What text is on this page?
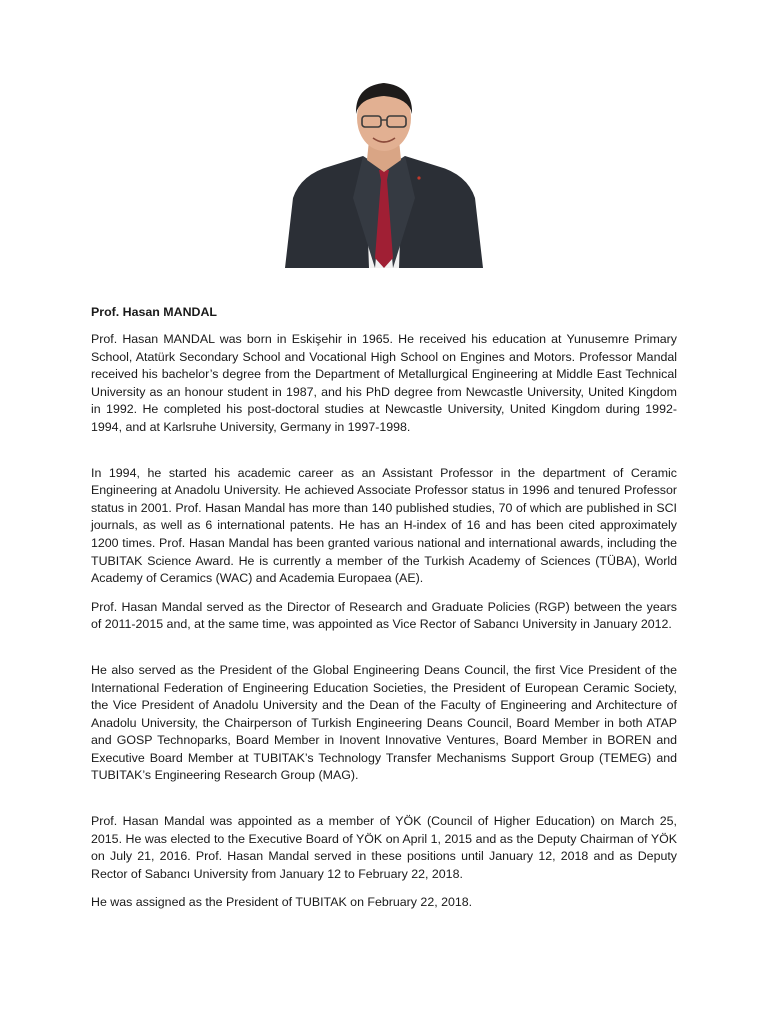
Prof. Hasan MANDAL

Prof. Hasan MANDAL was born in Eskişehir in 1965. He received his education at Yunusemre Primary School, Atatürk Secondary School and Vocational High School on Engines and Motors. Professor Mandal received his bachelor’s degree from the Department of Metallurgical Engineering at Middle East Technical University as an honour student in 1987, and his PhD degree from Newcastle University, United Kingdom in 1992. He completed his post-doctoral studies at Newcastle University, United Kingdom during 1992-1994, and at Karlsruhe University, Germany in 1997-1998.

In 1994, he started his academic career as an Assistant Professor in the department of Ceramic Engineering at Anadolu University. He achieved Associate Professor status in 1996 and tenured Professor status in 2001. Prof. Hasan Mandal has more than 140 published studies, 70 of which are published in SCI journals, as well as 6 international patents. He has an H-index of 16 and has been cited approximately 1200 times. Prof. Hasan Mandal has been granted various national and international awards, including the TUBITAK Science Award. He is currently a member of the Turkish Academy of Sciences (TÜBA), World Academy of Ceramics (WAC) and Academia Europaea (AE).

Prof. Hasan Mandal served as the Director of Research and Graduate Policies (RGP) between the years of 2011-2015 and, at the same time, was appointed as Vice Rector of Sabancı University in January 2012.

He also served as the President of the Global Engineering Deans Council, the first Vice President of the International Federation of Engineering Education Societies, the President of European Ceramic Society, the Vice President of Anadolu University and the Dean of the Faculty of Engineering and Architecture of Anadolu University, the Chairperson of Turkish Engineering Deans Council, Board Member in both ATAP and GOSP Technoparks, Board Member in Inovent Innovative Ventures, Board Member in BOREN and Executive Board Member at TUBITAK’s Technology Transfer Mechanisms Support Group (TEMEG) and TUBITAK’s Engineering Research Group (MAG).

Prof. Hasan Mandal was appointed as a member of YÖK (Council of Higher Education) on March 25, 2015. He was elected to the Executive Board of YÖK on April 1, 2015 and as the Deputy Chairman of YÖK on July 21, 2016. Prof. Hasan Mandal served in these positions until January 12, 2018 and as Deputy Rector of Sabancı University from January 12 to February 22, 2018.

He was assigned as the President of TUBITAK on February 22, 2018.
